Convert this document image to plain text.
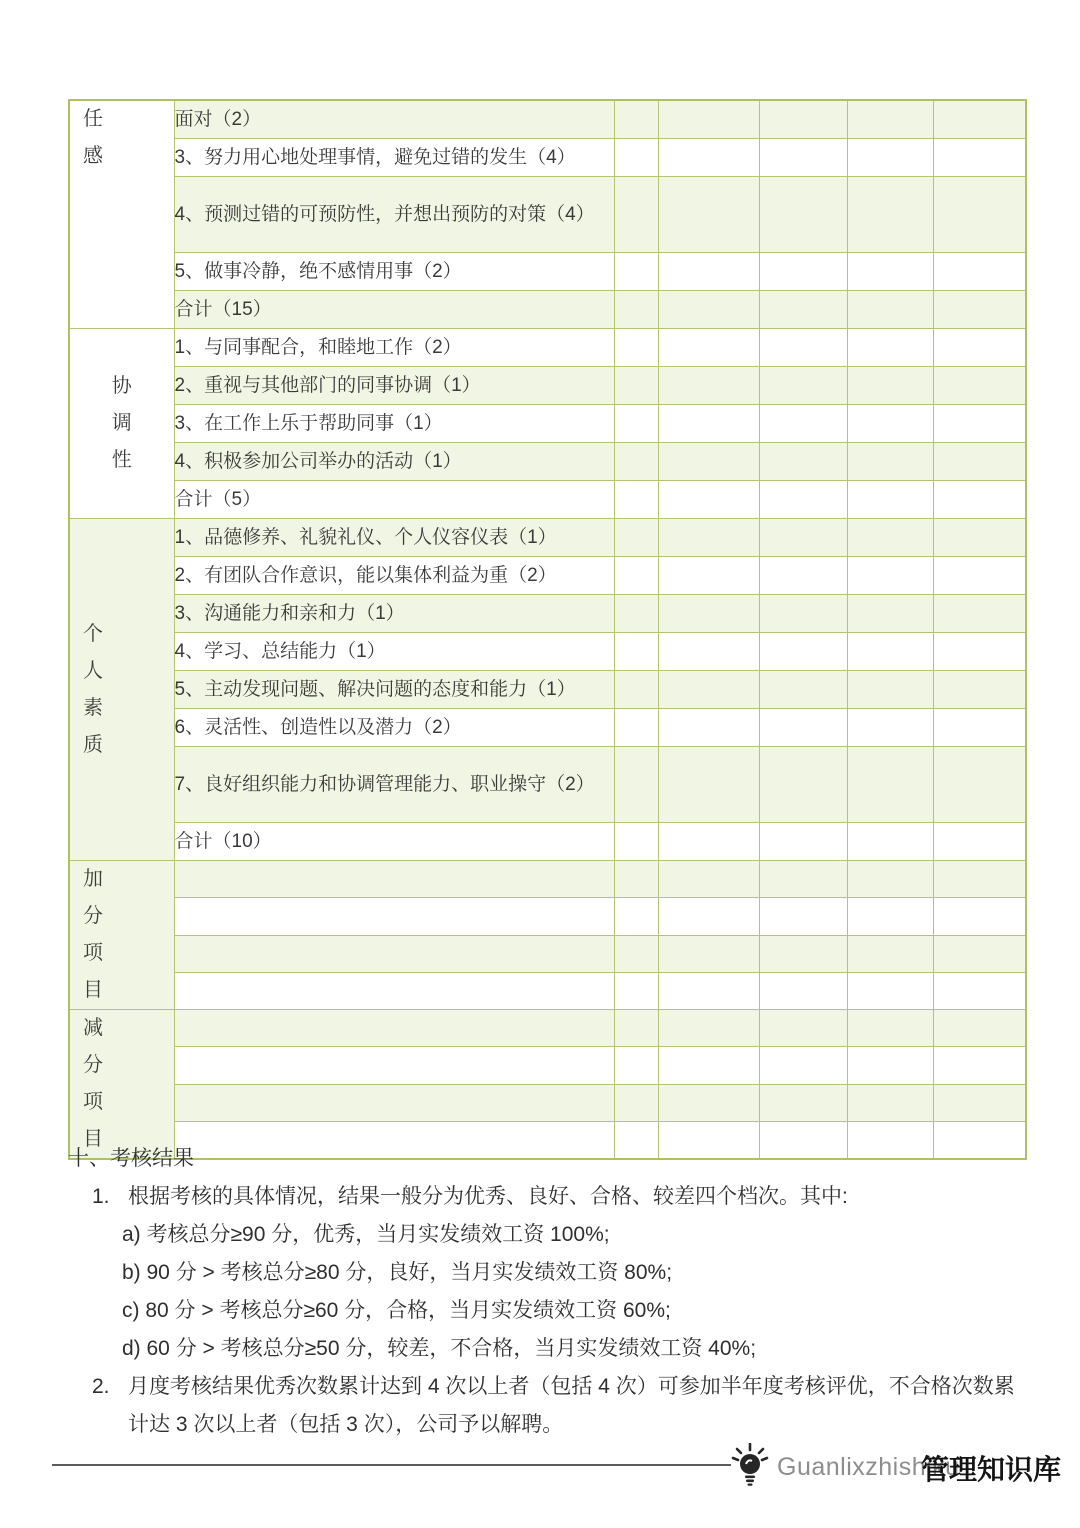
任
感	面对（2）					
	3、努力用心地处理事情，避免过错的发生（4）					
	4、预测过错的可预防性，并想出预防的对策（4）					
	5、做事冷静，绝不感情用事（2）					
	合计（15）					

协
调
性	1、与同事配合，和睦地工作（2）					
	2、重视与其他部门的同事协调（1）					
	3、在工作上乐于帮助同事（1）					
	4、积极参加公司举办的活动（1）					
	合计（5）					

个
人
素
质	1、品德修养、礼貌礼仪、个人仪容仪表（1）					
	2、有团队合作意识，能以集体利益为重（2）					
	3、沟通能力和亲和力（1）					
	4、学习、总结能力（1）					
	5、主动发现问题、解决问题的态度和能力（1）					
	6、灵活性、创造性以及潜力（2）					
	7、良好组织能力和协调管理能力、职业操守（2）					
	合计（10）					

加
分
项
目						

减
分
项
目						

十、考核结果
1. 根据考核的具体情况，结果一般分为优秀、良好、合格、较差四个档次。其中:
a) 考核总分≥90 分，优秀，当月实发绩效工资 100%;
b) 90 分 > 考核总分≥80 分，良好，当月实发绩效工资 80%;
c) 80 分 > 考核总分≥60 分，合格，当月实发绩效工资 60%;
d) 60 分 > 考核总分≥50 分，较差，不合格，当月实发绩效工资 40%;
2. 月度考核结果优秀次数累计达到 4 次以上者（包括 4 次）可参加半年度考核评优，不合格次数累计达 3 次以上者（包括 3 次），公司予以解聘。
Guanlixzhishiku
管理知识库
